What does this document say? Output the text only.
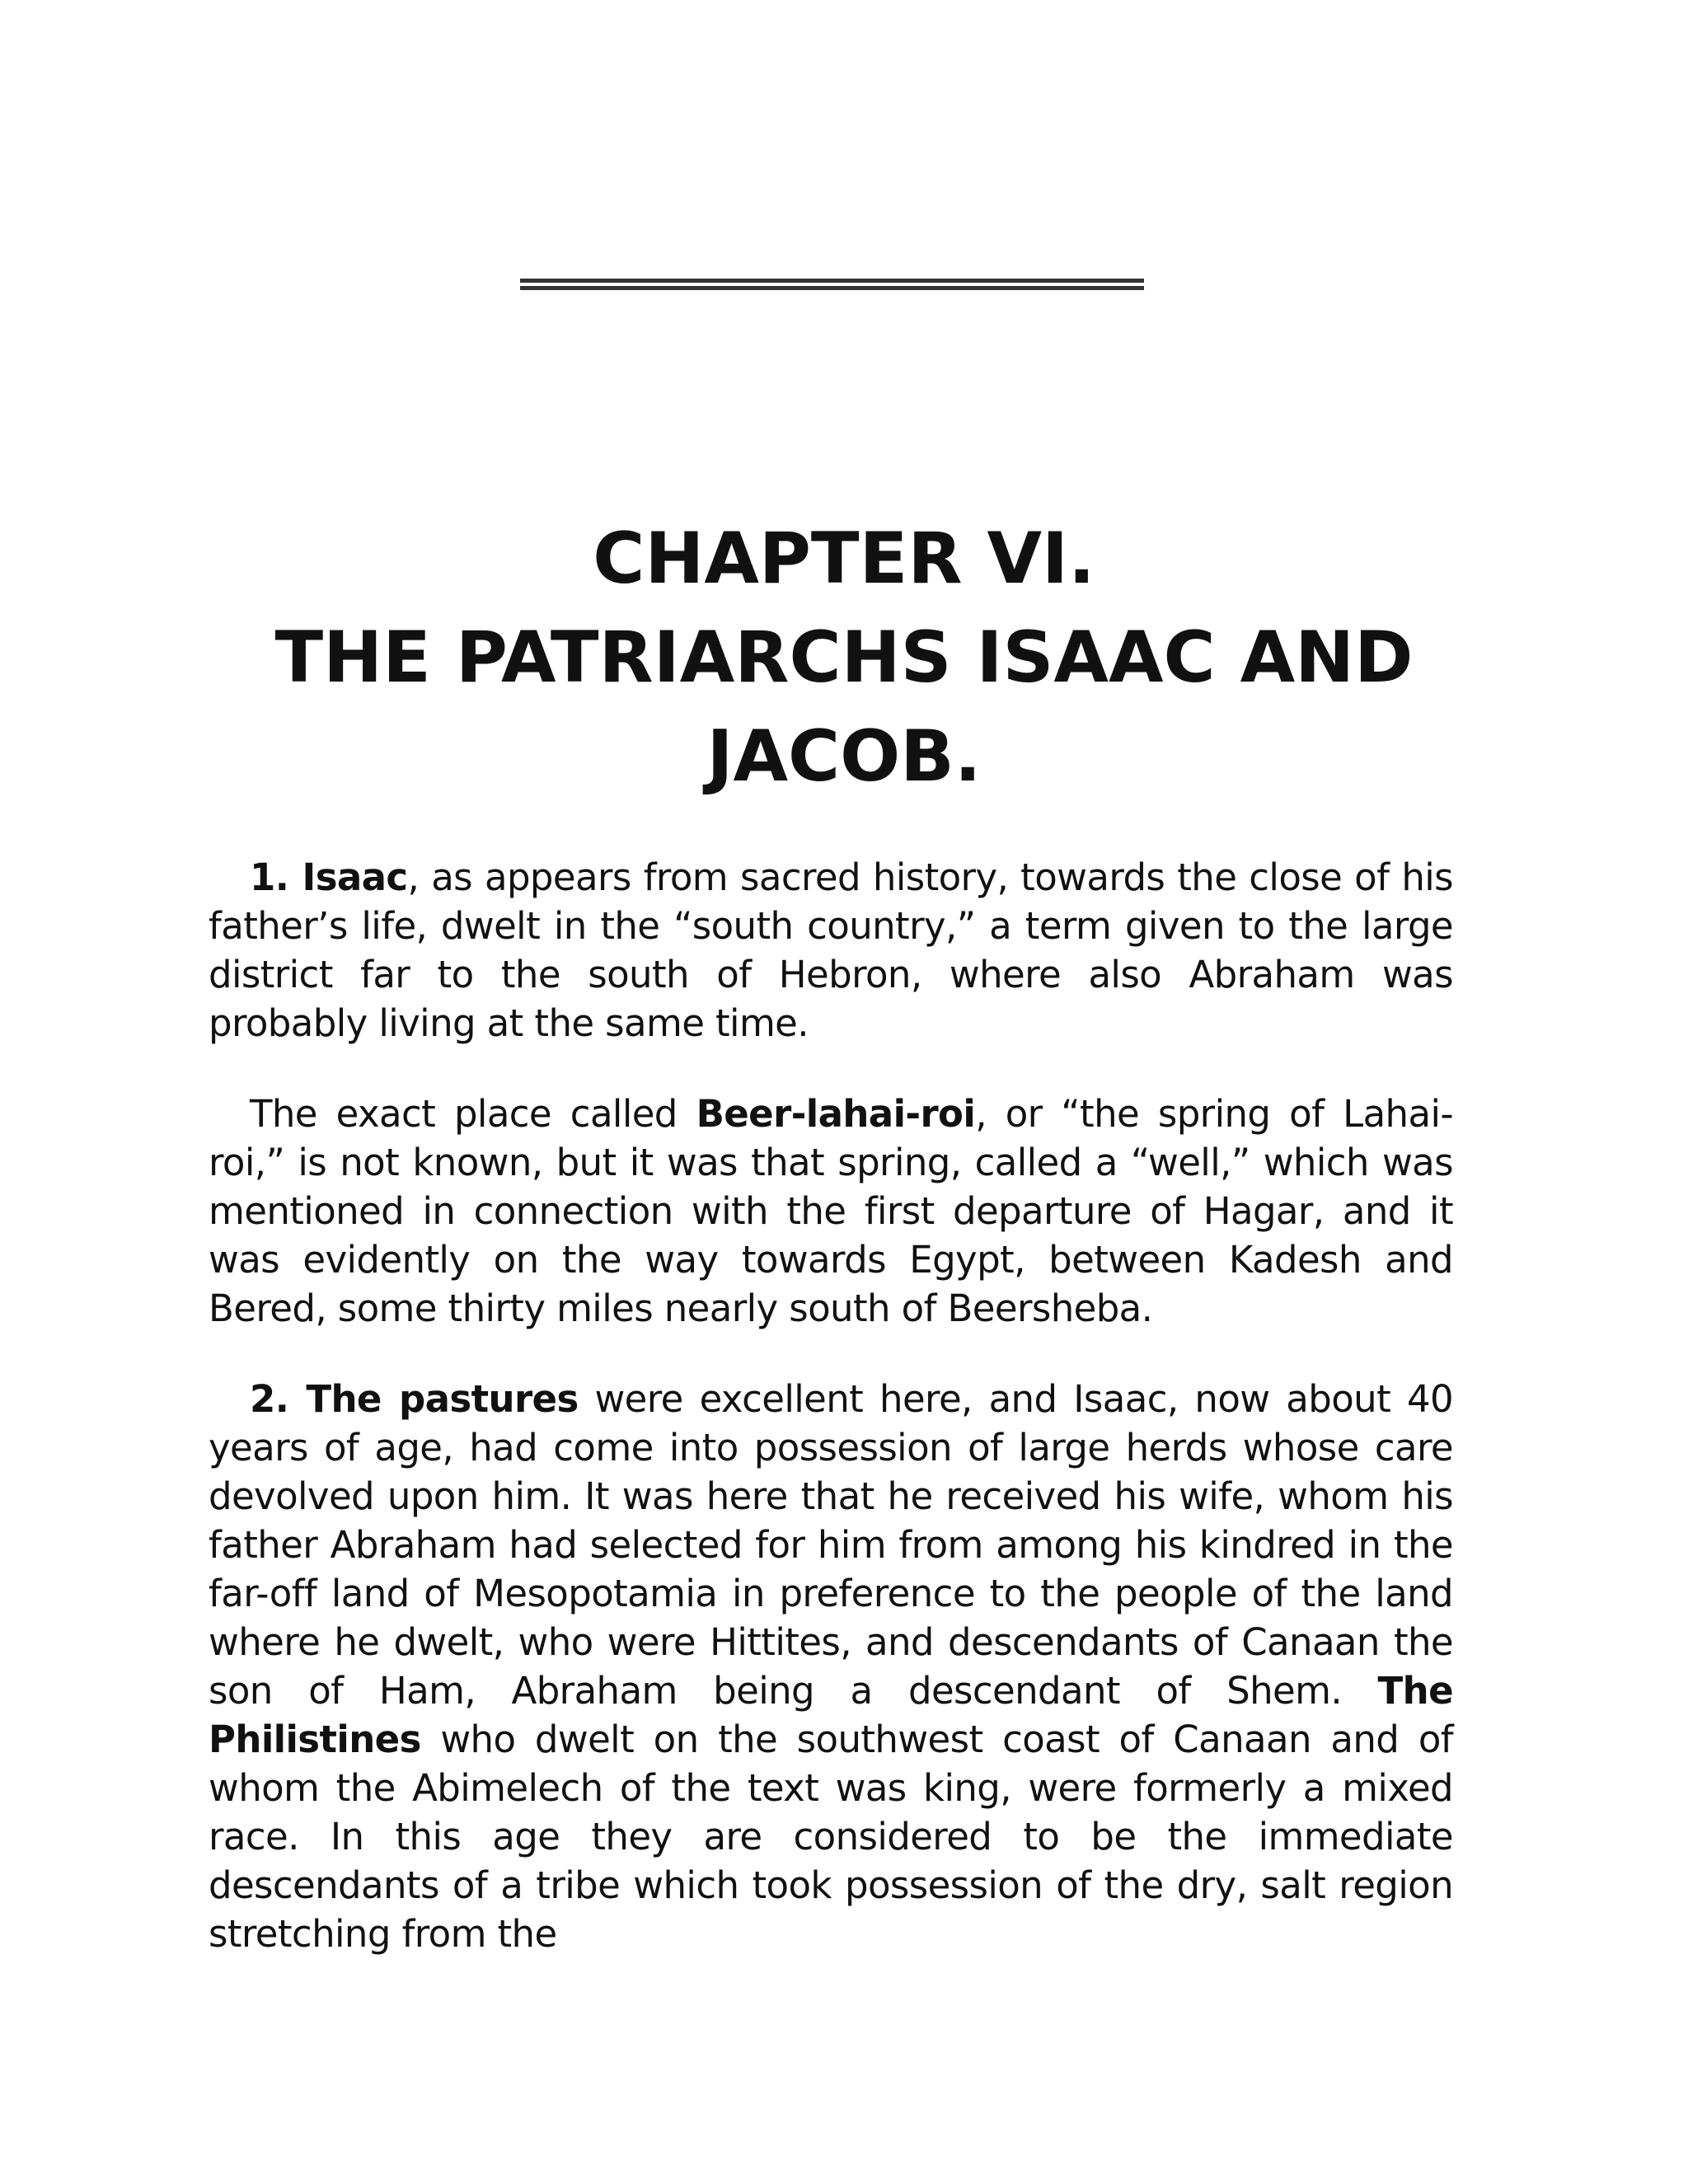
CHAPTER VI.
THE PATRIARCHS ISAAC AND
JACOB.

1. Isaac, as appears from sacred history, towards the close of his father’s life, dwelt in the “south country,” a term given to the large district far to the south of Hebron, where also Abraham was probably living at the same time.

The exact place called Beer-lahai-roi, or “the spring of Lahai-roi,” is not known, but it was that spring, called a “well,” which was mentioned in connection with the first departure of Hagar, and it was evidently on the way towards Egypt, between Kadesh and Bered, some thirty miles nearly south of Beersheba.

2. The pastures were excellent here, and Isaac, now about 40 years of age, had come into possession of large herds whose care devolved upon him. It was here that he received his wife, whom his father Abraham had selected for him from among his kindred in the far-off land of Mesopotamia in preference to the people of the land where he dwelt, who were Hittites, and descendants of Canaan the son of Ham, Abraham being a descendant of Shem. The Philistines who dwelt on the southwest coast of Canaan and of whom the Abimelech of the text was king, were formerly a mixed race. In this age they are considered to be the immediate descendants of a tribe which took possession of the dry, salt region stretching from the
